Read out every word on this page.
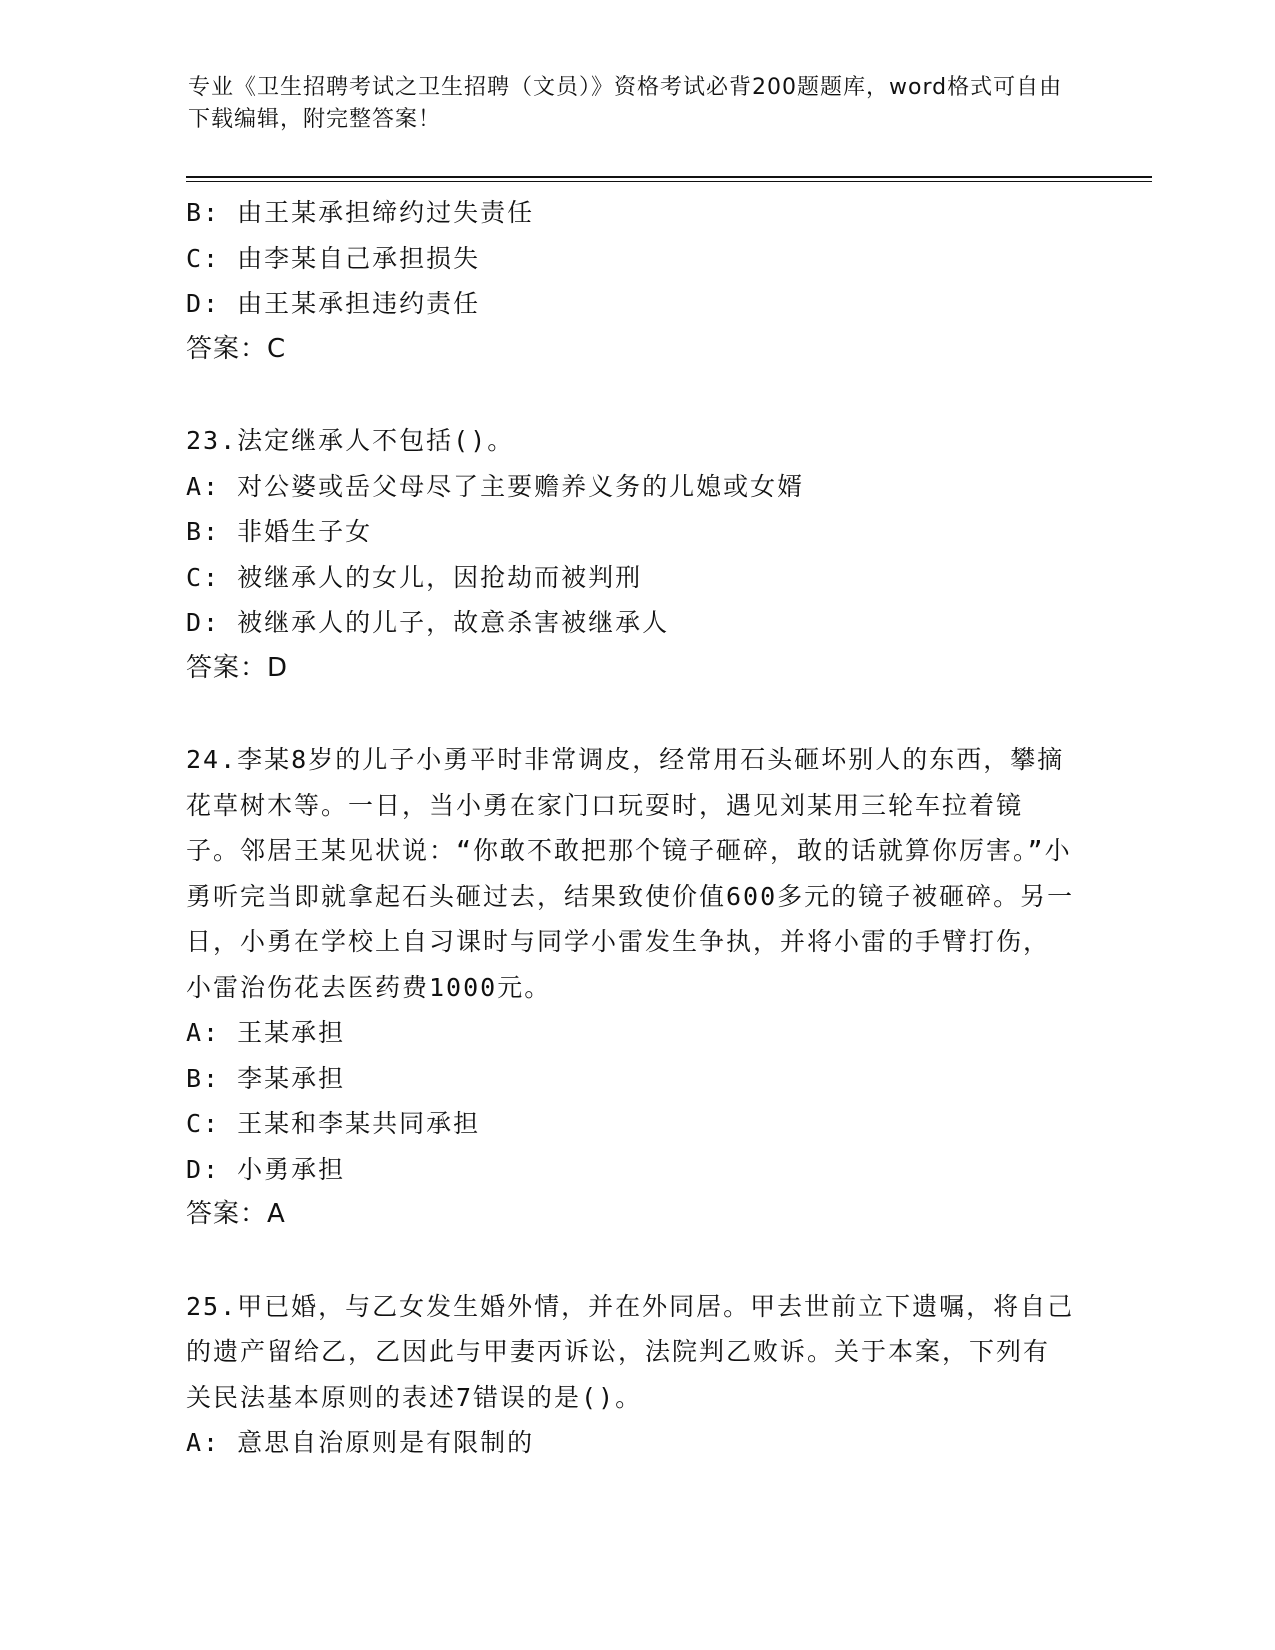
专业《卫生招聘考试之卫生招聘（文员）》资格考试必背200题题库，word格式可自由下载编辑，附完整答案！
B: 由王某承担缔约过失责任
C: 由李某自己承担损失
D: 由王某承担违约责任
答案：C
23.法定继承人不包括()。
A: 对公婆或岳父母尽了主要赡养义务的儿媳或女婿
B: 非婚生子女
C: 被继承人的女儿，因抢劫而被判刑
D: 被继承人的儿子，故意杀害被继承人
答案：D
24.李某8岁的儿子小勇平时非常调皮，经常用石头砸坏别人的东西，攀摘花草树木等。一日，当小勇在家门口玩耍时，遇见刘某用三轮车拉着镜子。邻居王某见状说：“你敢不敢把那个镜子砸碎，敢的话就算你厉害。”小勇听完当即就拿起石头砸过去，结果致使价值600多元的镜子被砸碎。另一日，小勇在学校上自习课时与同学小雷发生争执，并将小雷的手臂打伤，小雷治伤花去医药费1000元。
A: 王某承担
B: 李某承担
C: 王某和李某共同承担
D: 小勇承担
答案：A
25.甲已婚，与乙女发生婚外情，并在外同居。甲去世前立下遗嘱，将自己的遗产留给乙，乙因此与甲妻丙诉讼，法院判乙败诉。关于本案，下列有关民法基本原则的表述7错误的是()。
A: 意思自治原则是有限制的
